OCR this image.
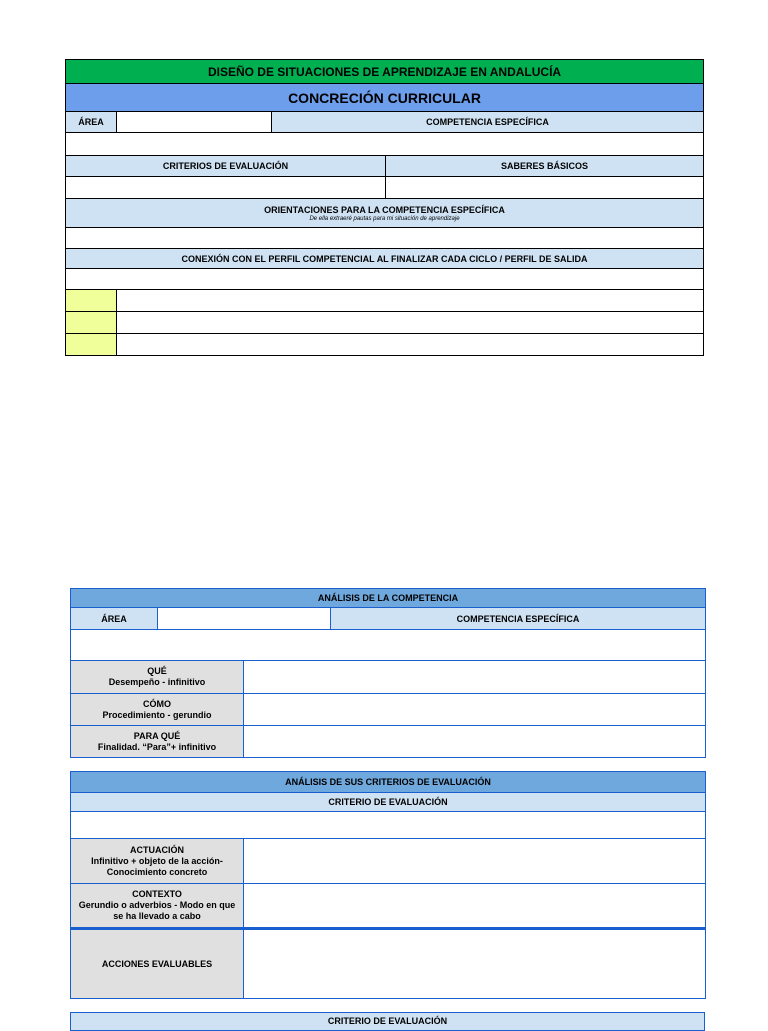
DISEÑO DE SITUACIONES DE APRENDIZAJE EN ANDALUCÍA			
CONCRECIÓN CURRICULAR			
ÁREA		COMPETENCIA ESPECÍFICA	

CRITERIOS DE EVALUACIÓN			SABERES BÁSICOS

ORIENTACIONES PARA LA COMPETENCIA ESPECÍFICA
De ella extraeré pautas para mi situación de aprendizaje			

CONEXIÓN CON EL PERFIL COMPETENCIAL AL FINALIZAR CADA CICLO / PERFIL DE SALIDA			

ANÁLISIS DE LA COMPETENCIA			
ÁREA			COMPETENCIA ESPECÍFICA

QUÉ
Desempeño - infinitivo			
CÓMO
Procedimiento - gerundio			
PARA QUÉ
Finalidad. “Para”+ infinitivo			
ANÁLISIS DE SUS CRITERIOS DE EVALUACIÓN	
CRITERIO DE EVALUACIÓN	

ACTUACIÓN
Infinitivo + objeto de la acción-
Conocimiento concreto	
CONTEXTO
Gerundio o adverbios - Modo en que
se ha llevado a cabo	
ACCIONES EVALUABLES	
CRITERIO DE EVALUACIÓN
